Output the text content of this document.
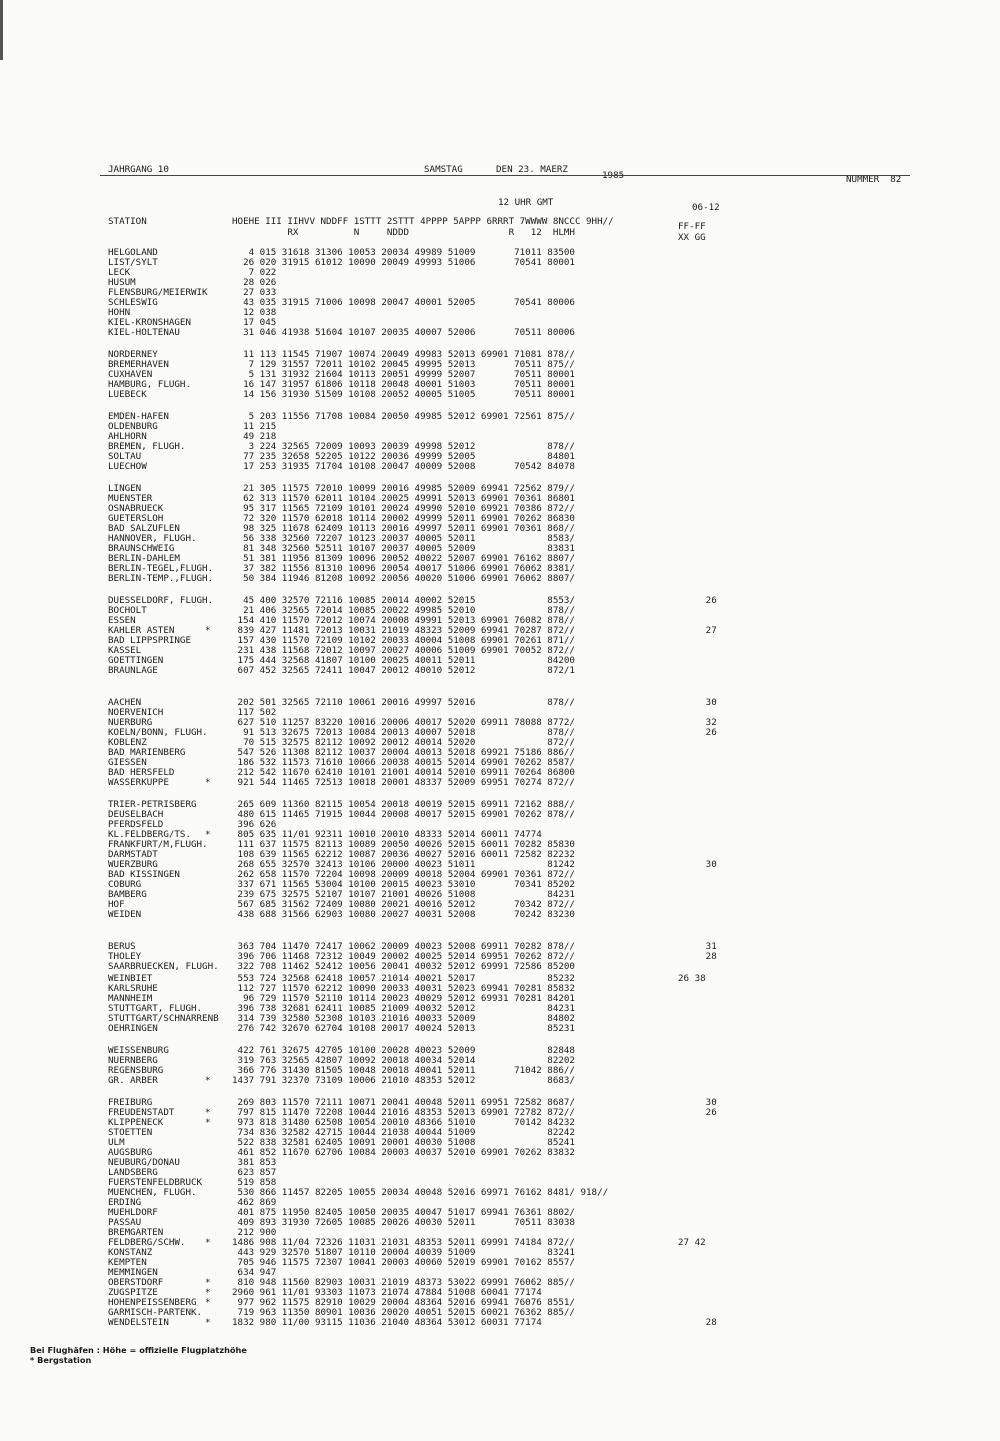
JAHRGANG 10	SAMSTAG	DEN 23. MAERZ
1985	NUMMER  82
12 UHR GMT	06-12
STATION	HOEHE III IIHVV NDDFF 1STTT 2STTT 4PPPP 5APPP 6RRRT 7WWWW 8NCCC 9HH//
RX          N     NDDD                  R   12  HLMH
FF-FF
XX GG
HELGOLAND	4 015 31618 31306 10053 20034 49989 51009       71011 83500
LIST/SYLT	26 020 31915 61012 10090 20049 49993 51006       70541 80001
LECK	7 022
HUSUM	28 026
FLENSBURG/MEIERWIK	27 033
SCHLESWIG	43 035 31915 71006 10098 20047 40001 52005       70541 80006
HOHN	12 038
KIEL-KRONSHAGEN	17 045
KIEL-HOLTENAU	31 046 41938 51604 10107 20035 40007 52006       70511 80006
NORDERNEY	11 113 11545 71907 10074 20049 49983 52013 69901 71081 878//
BREMERHAVEN	7 129 31557 72011 10102 20045 49995 52013       70511 875//
CUXHAVEN	5 131 31932 21604 10113 20051 49999 52007       70511 80001
HAMBURG, FLUGH.	16 147 31957 61806 10118 20048 40001 51003       70511 80001
LUEBECK	14 156 31930 51509 10108 20052 40005 51005       70511 80001
EMDEN-HAFEN	5 203 11556 71708 10084 20050 49985 52012 69901 72561 875//
OLDENBURG	11 215
AHLHORN	49 218
BREMEN, FLUGH.	3 224 32565 72009 10093 20039 49998 52012             878//
SOLTAU	77 235 32658 52205 10122 20036 49999 52005             84801
LUECHOW	17 253 31935 71704 10108 20047 40009 52008       70542 84078
LINGEN	21 305 11575 72010 10099 20016 49985 52009 69941 72562 879//
MUENSTER	62 313 11570 62011 10104 20025 49991 52013 69901 70361 86801
OSNABRUECK	95 317 11565 72109 10101 20024 49990 52010 69921 70386 872//
GUETERSLOH	72 320 11570 62018 10114 20002 49999 52011 69901 70262 86830
BAD SALZUFLEN	98 325 11678 62409 10113 20016 49997 52011 69901 70361 868//
HANNOVER, FLUGH.	56 338 32560 72207 10123 20037 40005 52011             8583/
BRAUNSCHWEIG	81 348 32560 52511 10107 20037 40005 52009             83831
BERLIN-DAHLEM	51 381 11956 81309 10096 20052 40022 52007 69901 76162 8807/
BERLIN-TEGEL,FLUGH. 37 382 11556 81310 10096 20054 40017 51006 69901 76062 8381/
BERLIN-TEMP.,FLUGH. 50 384 11946 81208 10092 20056 40020 51006 69901 76062 8807/
DUESSELDORF, FLUGH. 45 400 32570 72116 10085 20014 40002 52015             8553/	26
BOCHOLT	21 406 32565 72014 10085 20022 49985 52010             878//
ESSEN	154 410 11570 72012 10074 20008 49991 52013 69901 76082 878//
KAHLER ASTEN	* 839 427 11481 72013 10031 21019 48323 52009 69941 70287 872//	27
BAD LIPPSPRINGE	157 430 11570 72109 10102 20033 40004 51008 69901 70261 871//
KASSEL	231 438 11568 72012 10097 20027 40006 51009 69901 70052 872//
GOETTINGEN	175 444 32568 41807 10100 20025 40011 52011             84200
BRAUNLAGE	607 452 32565 72411 10047 20012 40010 52012             872/1
AACHEN	202 501 32565 72110 10061 20016 49997 52016             878//	30
NOERVENICH	117 502
NUERBURG	627 510 11257 83220 10016 20006 40017 52020 69911 78088 8772/	32
KOELN/BONN, FLUGH.	91 513 32675 72013 10084 20013 40007 52018             878//	26
KOBLENZ	70 515 32575 82112 10092 20012 40014 52020             872//
BAD MARIENBERG	547 526 11308 82112 10037 20004 40013 52018 69921 75186 886//
GIESSEN	186 532 11573 71610 10066 20038 40015 52014 69901 70262 8587/
BAD HERSFELD	212 542 11670 62410 10101 21001 40014 52010 69911 70264 86800
WASSERKUPPE	* 921 544 11465 72513 10018 20001 48337 52009 69951 70274 872//
TRIER-PETRISBERG	265 609 11360 82115 10054 20018 40019 52015 69911 72162 888//
DEUSELBACH	480 615 11465 71915 10044 20008 40017 52015 69901 70262 878//
PFERDSFELD	396 626
KL.FELDBERG/TS. * 805 635 11/01 92311 10010 20010 48333 52014 60011 74774
FRANKFURT/M,FLUGH.	111 637 11575 82113 10089 20050 40026 52015 60011 70282 85830
DARMSTADT	108 639 11565 62212 10087 20036 40027 52016 60011 72582 82232
WUERZBURG	268 655 32570 32413 10106 20000 40023 51011             81242	30
BAD KISSINGEN	262 658 11570 72204 10098 20009 40018 52004 69901 70361 872//
COBURG	337 671 11565 53004 10100 20015 40023 53010       70341 85202
BAMBERG	239 675 32575 52107 10107 21001 40026 51008             84231
HOF	567 685 31562 72409 10080 20021 40016 52012       70342 872//
WEIDEN	438 688 31566 62903 10080 20027 40031 52008       70242 83230
BERUS	363 704 11470 72417 10062 20009 40023 52008 69911 70282 878//	31
THOLEY	396 706 11468 72312 10049 20002 40025 52014 69951 70262 872//	28
SAARBRUECKEN, FLUGH. 322 708 11462 52412 10056 20041 40032 52012 69991 72586 85200
WEINBIET	553 724 32568 62418 10057 21014 40021 52017             85232	26 38
KARLSRUHE	112 727 11570 62212 10090 20033 40031 52023 69941 70281 85832
MANNHEIM	96 729 11570 52110 10114 20023 40029 52012 69931 70281 84201
STUTTGART, FLUGH.	396 738 32681 62411 10085 21009 40032 52012             84231
STUTTGART/SCHNARRENB 314 739 32580 52308 10103 21016 40033 52009             84802
OEHRINGEN	276 742 32670 62704 10108 20017 40024 52013             85231
WEISSENBURG	422 761 32675 42705 10100 20028 40023 52009             82848
NUERNBERG	319 763 32565 42807 10092 20018 40034 52014             82202
REGENSBURG	366 776 31430 81505 10048 20018 40041 52011       71042 886//
GR. ARBER	* 1437 791 32370 73109 10006 21010 48353 52012             8683/
FREIBURG	269 803 11570 72111 10071 20041 40048 52011 69951 72582 8687/	30
FREUDENSTADT	* 797 815 11470 72208 10044 21016 48353 52013 69901 72782 872//	26
KLIPPENECK	* 973 818 31480 62508 10054 20010 48366 51010       70142 84232
STOETTEN	734 836 32582 42715 10044 21038 40044 51009             82242
ULM	522 838 32581 62405 10091 20001 40030 51008             85241
AUGSBURG	461 852 11670 62706 10084 20003 40037 52010 69901 70262 83832
NEUBURG/DONAU	381 853
LANDSBERG	623 857
FUERSTENFELDBRUCK	519 858
MUENCHEN, FLUGH.	530 866 11457 82205 10055 20034 40048 52016 69971 76162 8481/ 918//
ERDING	462 869
MUEHLDORF	401 875 11950 82405 10050 20035 40047 51017 69941 76361 8802/
PASSAU	409 893 31930 72605 10085 20026 40030 52011       70511 83038
BREMGARTEN	212 900
FELDBERG/SCHW. * 1486 908 11/04 72326 11031 21031 48353 52011 69991 74184 872//	27 42
KONSTANZ	443 929 32570 51807 10110 20004 40039 51009             83241
KEMPTEN	705 946 11575 72307 10041 20003 40060 52019 69901 70162 8557/
MEMMINGEN	634 947
OBERSTDORF	* 810 948 11560 82903 10031 21019 48373 53022 69991 76062 885//
ZUGSPITZE	* 2960 961 11/01 93303 11073 21074 47884 51008 60041 77174
HOHENPEISSENBERG * 977 962 11575 82910 10029 20004 48364 52016 69941 76076 8551/
GARMISCH-PARTENK.	719 963 11350 80901 10036 20020 40051 52015 60021 76362 885//
WENDELSTEIN	* 1832 980 11/00 93115 11036 21040 48364 53012 60031 77174	28
Bei Flughäfen : Höhe = offizielle Flugplatzhöhe
* Bergstation
